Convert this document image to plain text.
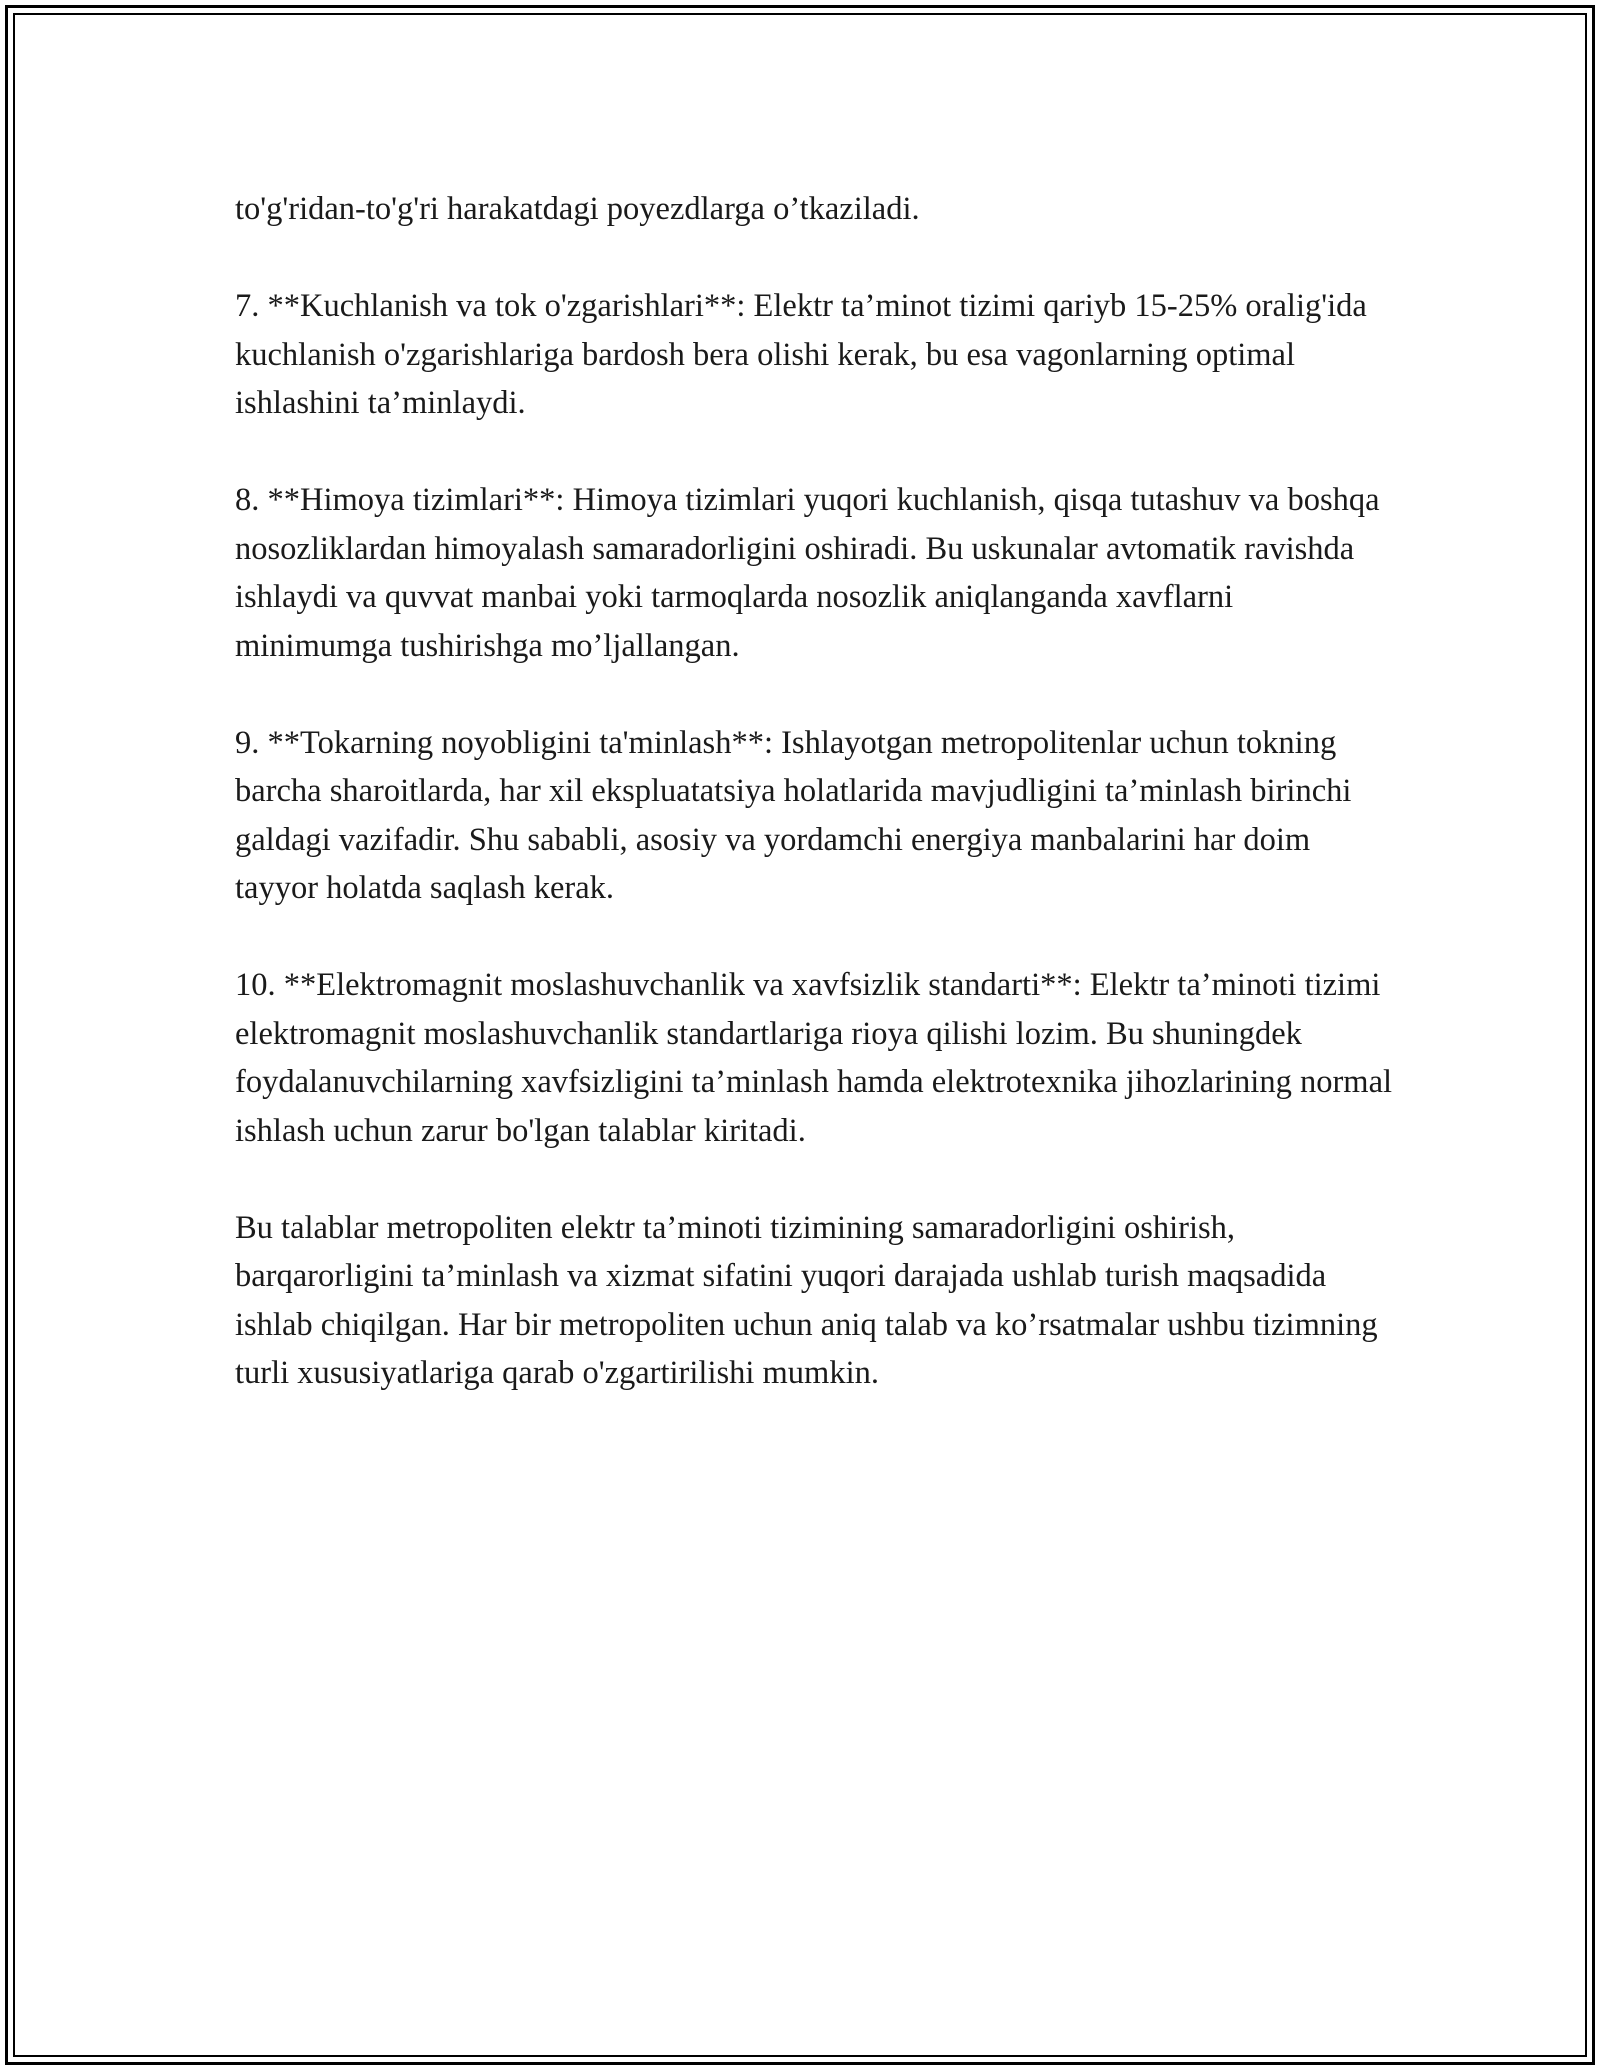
to'g'ridan-to'g'ri harakatdagi poyezdlarga o’tkaziladi.

7. **Kuchlanish va tok o'zgarishlari**: Elektr ta’minot tizimi qariyb 15-25% oralig'ida kuchlanish o'zgarishlariga bardosh bera olishi kerak, bu esa vagonlarning optimal ishlashini ta’minlaydi.

8. **Himoya tizimlari**: Himoya tizimlari yuqori kuchlanish, qisqa tutashuv va boshqa nosozliklardan himoyalash samaradorligini oshiradi. Bu uskunalar avtomatik ravishda ishlaydi va quvvat manbai yoki tarmoqlarda nosozlik aniqlanganda xavflarni minimumga tushirishga mo’ljallangan.

9. **Tokarning noyobligini ta'minlash**: Ishlayotgan metropolitenlar uchun tokning barcha sharoitlarda, har xil ekspluatatsiya holatlarida mavjudligini ta’minlash birinchi galdagi vazifadir. Shu sababli, asosiy va yordamchi energiya manbalarini har doim tayyor holatda saqlash kerak.

10. **Elektromagnit moslashuvchanlik va xavfsizlik standarti**: Elektr ta’minoti tizimi elektromagnit moslashuvchanlik standartlariga rioya qilishi lozim. Bu shuningdek foydalanuvchilarning xavfsizligini ta’minlash hamda elektrotexnika jihozlarining normal ishlash uchun zarur bo'lgan talablar kiritadi.

Bu talablar metropoliten elektr ta’minoti tizimining samaradorligini oshirish, barqarorligini ta’minlash va xizmat sifatini yuqori darajada ushlab turish maqsadida ishlab chiqilgan. Har bir metropoliten uchun aniq talab va ko’rsatmalar ushbu tizimning turli xususiyatlariga qarab o'zgartirilishi mumkin.
